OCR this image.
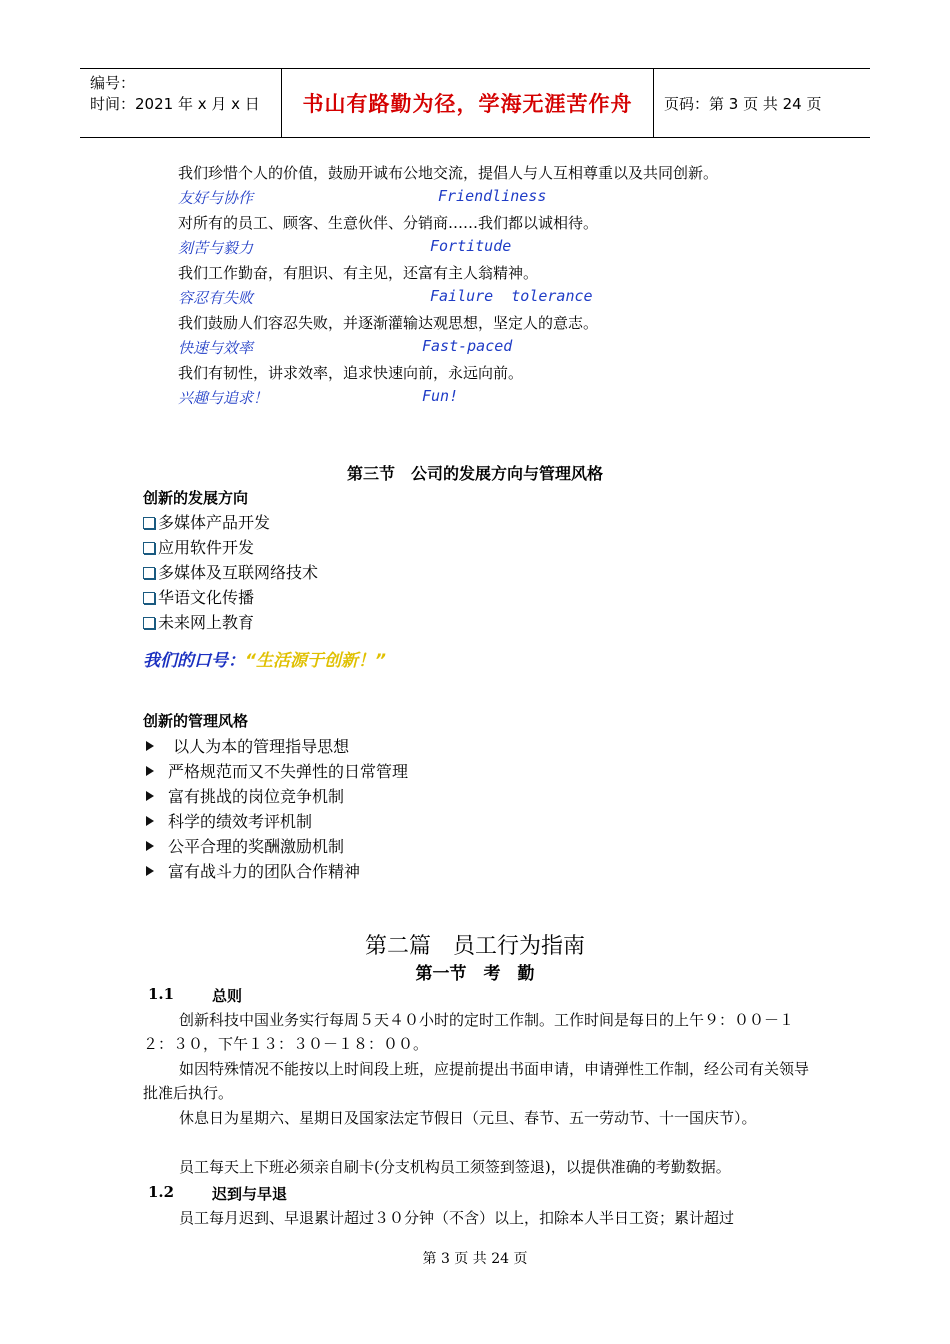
编号：
时间：2021 年 x 月 x 日	书山有路勤为径，学海无涯苦作舟	页码：第 3 页 共 24 页
我们珍惜个人的价值，鼓励开诚布公地交流，提倡人与人互相尊重以及共同创新。
友好与协作	Friendliness
对所有的员工、顾客、生意伙伴、分销商……我们都以诚相待。
刻苦与毅力	Fortitude
我们工作勤奋，有胆识、有主见，还富有主人翁精神。
容忍有失败	Failure  tolerance
我们鼓励人们容忍失败，并逐渐灌输达观思想，坚定人的意志。
快速与效率	Fast-paced
我们有韧性，讲求效率，追求快速向前，永远向前。
兴趣与追求！	Fun!
第三节　公司的发展方向与管理风格
创新的发展方向
多媒体产品开发
应用软件开发
多媒体及互联网络技术
华语文化传播
未来网上教育
我们的口号：“生活源于创新！”
创新的管理风格
以人为本的管理指导思想
严格规范而又不失弹性的日常管理
富有挑战的岗位竞争机制
科学的绩效考评机制
公平合理的奖酬激励机制
富有战斗力的团队合作精神
第二篇　员工行为指南
第一节　考　勤
1.1	总则
创新科技中国业务实行每周５天４０小时的定时工作制。工作时间是每日的上午９：００－１２：３０，下午１３：３０－１８：００。
如因特殊情况不能按以上时间段上班，应提前提出书面申请，申请弹性工作制，经公司有关领导批准后执行。
休息日为星期六、星期日及国家法定节假日（元旦、春节、五一劳动节、十一国庆节）。
员工每天上下班必须亲自刷卡(分支机构员工须签到签退)，以提供准确的考勤数据。
1.2	迟到与早退
员工每月迟到、早退累计超过３０分钟（不含）以上，扣除本人半日工资；累计超过
第 3 页 共 24 页
